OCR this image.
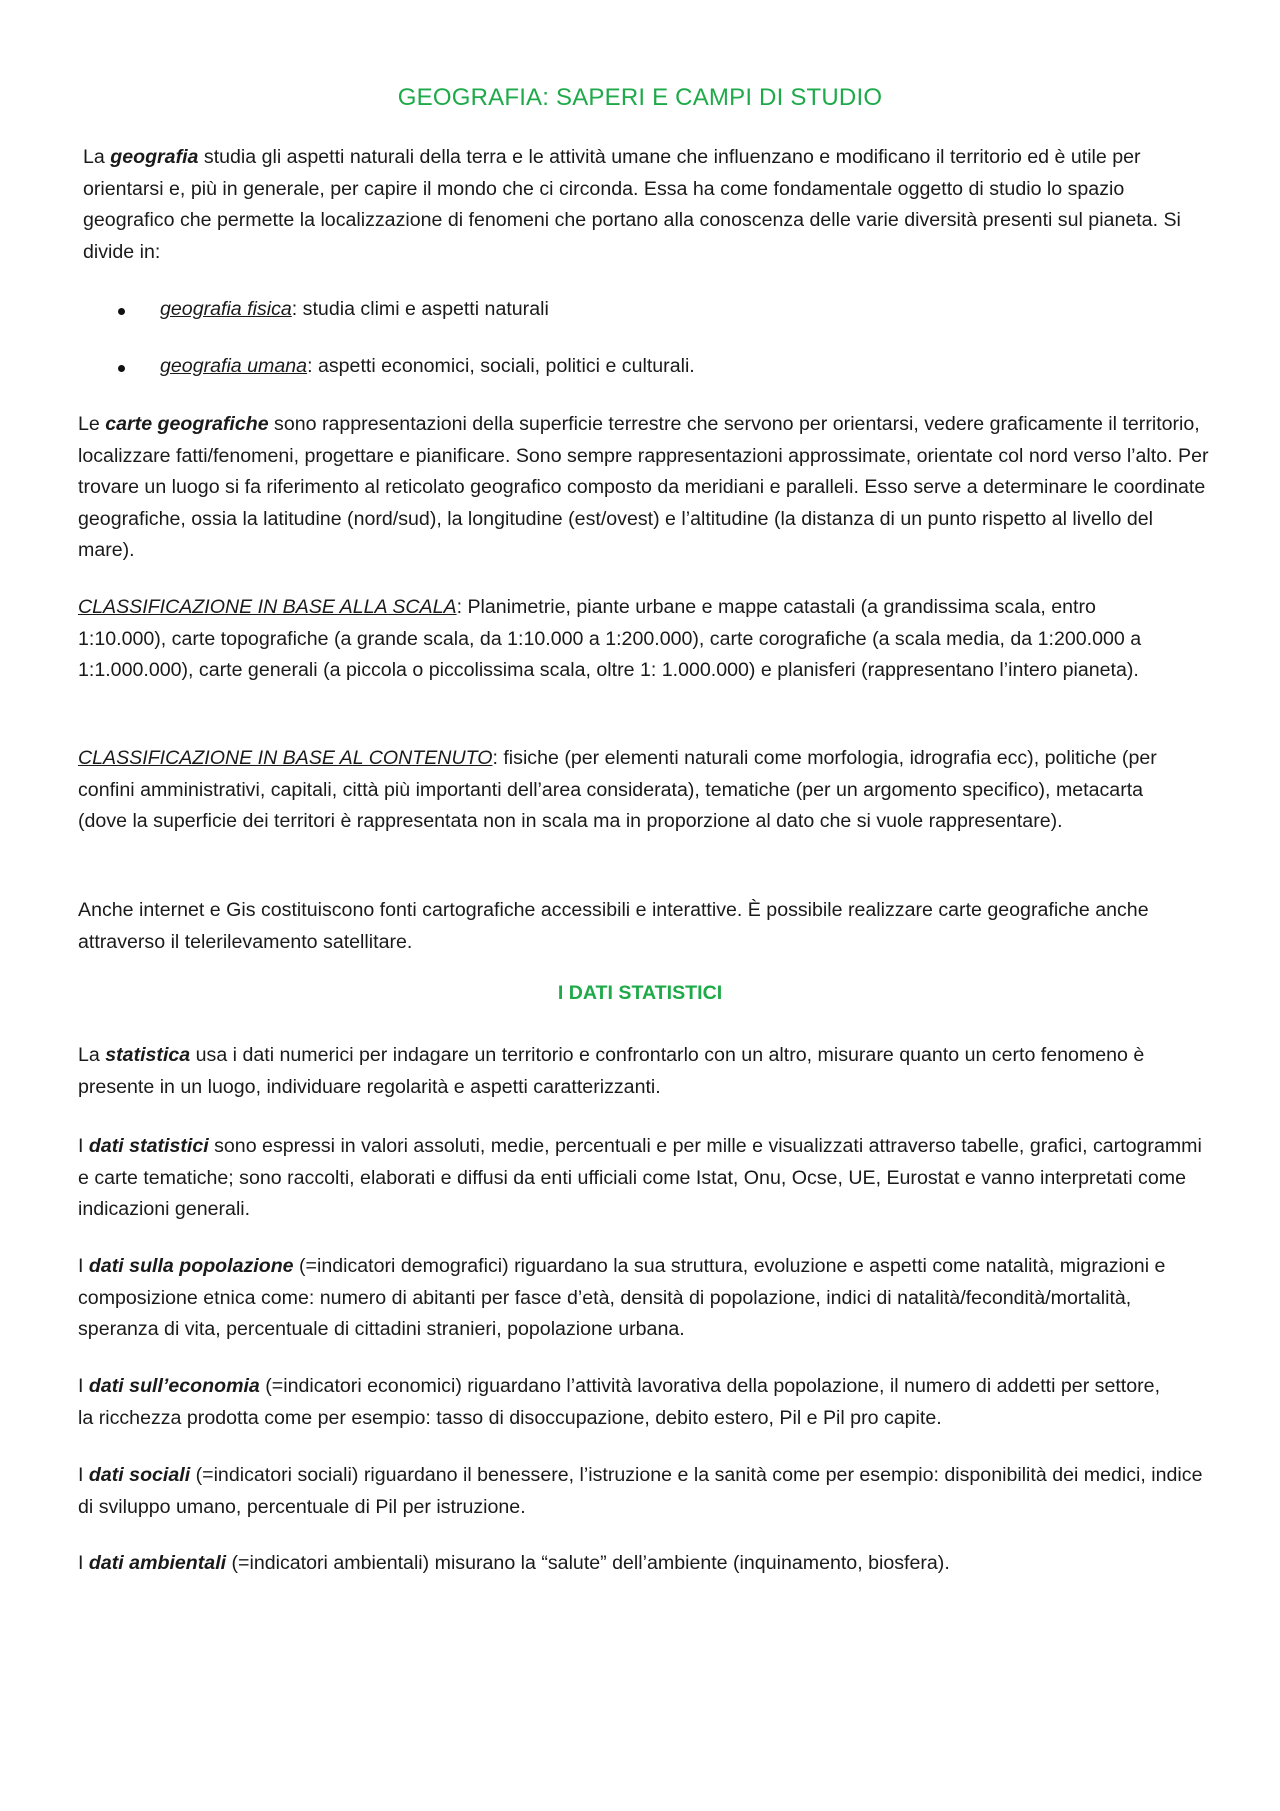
GEOGRAFIA: SAPERI E CAMPI DI STUDIO

La geografia studia gli aspetti naturali della terra e le attività umane che influenzano e modificano il territorio ed è utile per orientarsi e, più in generale, per capire il mondo che ci circonda. Essa ha come fondamentale oggetto di studio lo spazio geografico che permette la localizzazione di fenomeni che portano alla conoscenza delle varie diversità presenti sul pianeta. Si divide in:

geografia fisica: studia climi e aspetti naturali
geografia umana: aspetti economici, sociali, politici e culturali.

Le carte geografiche sono rappresentazioni della superficie terrestre che servono per orientarsi, vedere graficamente il territorio, localizzare fatti/fenomeni, progettare e pianificare. Sono sempre rappresentazioni approssimate, orientate col nord verso l’alto. Per trovare un luogo si fa riferimento al reticolato geografico composto da meridiani e paralleli. Esso serve a determinare le coordinate geografiche, ossia la latitudine (nord/sud), la longitudine (est/ovest) e l’altitudine (la distanza di un punto rispetto al livello del mare).

CLASSIFICAZIONE IN BASE ALLA SCALA: Planimetrie, piante urbane e mappe catastali (a grandissima scala, entro 1:10.000), carte topografiche (a grande scala, da 1:10.000 a 1:200.000), carte corografiche (a scala media, da 1:200.000 a 1:1.000.000), carte generali (a piccola o piccolissima scala, oltre 1: 1.000.000) e planisferi (rappresentano l’intero pianeta).

CLASSIFICAZIONE IN BASE AL CONTENUTO: fisiche (per elementi naturali come morfologia, idrografia ecc), politiche (per confini amministrativi, capitali, città più importanti dell’area considerata), tematiche (per un argomento specifico), metacarta (dove la superficie dei territori è rappresentata non in scala ma in proporzione al dato che si vuole rappresentare).

Anche internet e Gis costituiscono fonti cartografiche accessibili e interattive. È possibile realizzare carte geografiche anche attraverso il telerilevamento satellitare.

I DATI STATISTICI

La statistica usa i dati numerici per indagare un territorio e confrontarlo con un altro, misurare quanto un certo fenomeno è presente in un luogo, individuare regolarità e aspetti caratterizzanti.

I dati statistici sono espressi in valori assoluti, medie, percentuali e per mille e visualizzati attraverso tabelle, grafici, cartogrammi e carte tematiche; sono raccolti, elaborati e diffusi da enti ufficiali come Istat, Onu, Ocse, UE, Eurostat e vanno interpretati come indicazioni generali.

I dati sulla popolazione (=indicatori demografici) riguardano la sua struttura, evoluzione e aspetti come natalità, migrazioni e composizione etnica come: numero di abitanti per fasce d’età, densità di popolazione, indici di natalità/fecondità/mortalità, speranza di vita, percentuale di cittadini stranieri, popolazione urbana.

I dati sull’economia (=indicatori economici) riguardano l’attività lavorativa della popolazione, il numero di addetti per settore, la ricchezza prodotta come per esempio: tasso di disoccupazione, debito estero, Pil e Pil pro capite.

I dati sociali (=indicatori sociali) riguardano il benessere, l’istruzione e la sanità come per esempio: disponibilità dei medici, indice di sviluppo umano, percentuale di Pil per istruzione.

I dati ambientali (=indicatori ambientali) misurano la “salute” dell’ambiente (inquinamento, biosfera).
